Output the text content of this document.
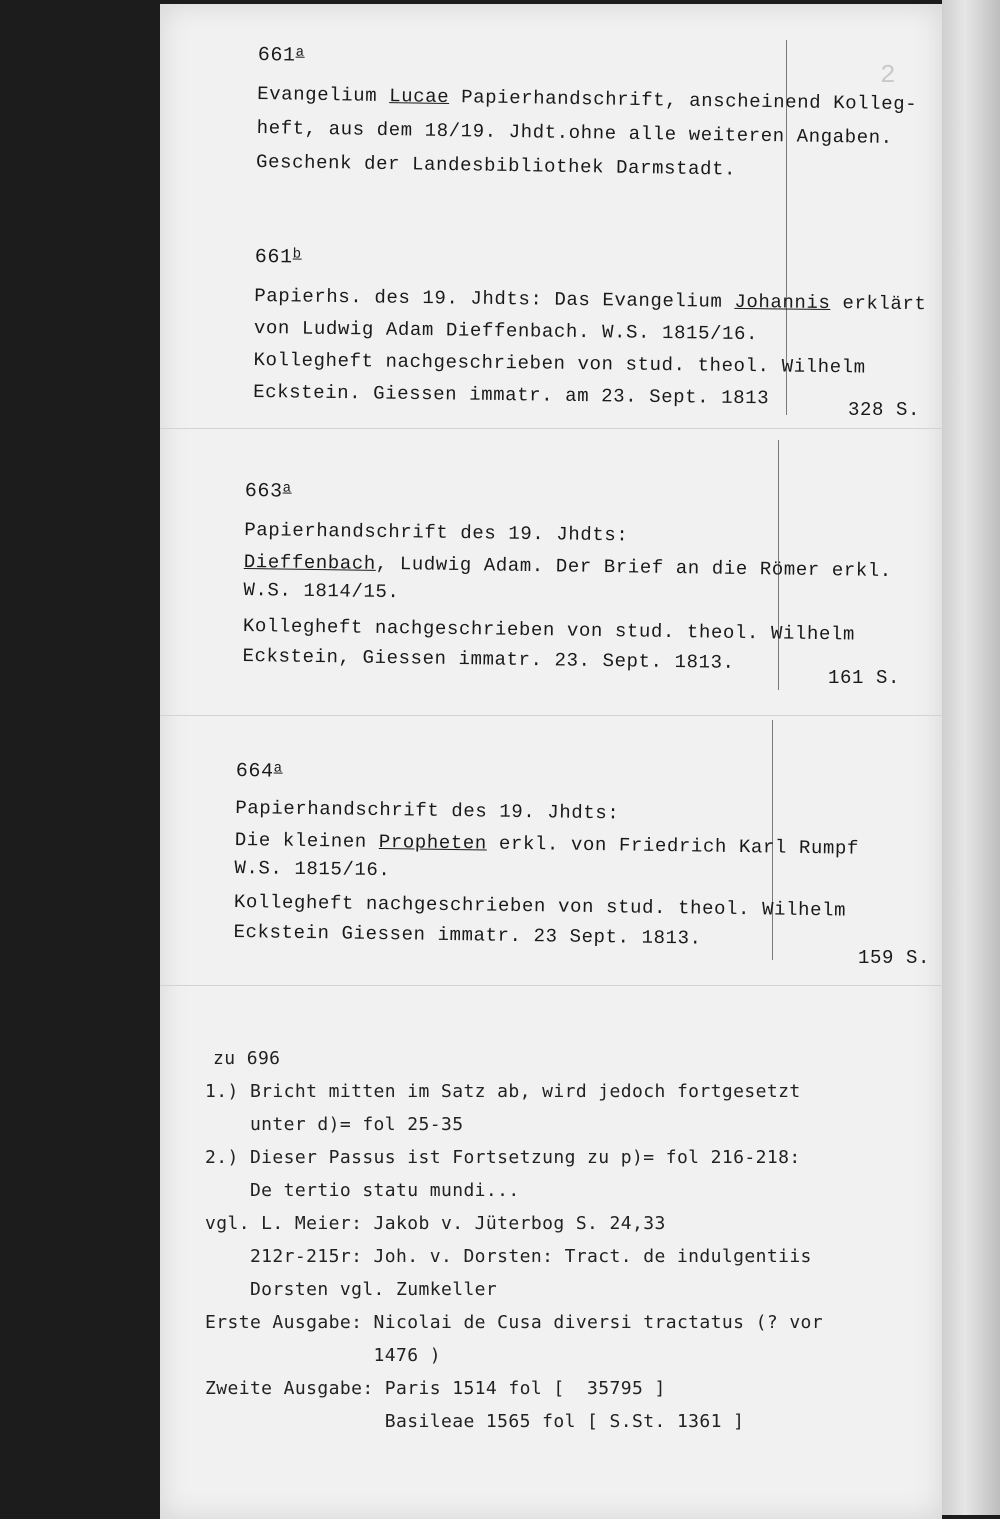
2
661$^a$
Evangelium Lucae Papierhandschrift, anscheinend Kolleg-
heft, aus dem 18/19. Jhdt.ohne alle weiteren Angaben.
Geschenk der Landesbibliothek Darmstadt.
661$^b$
Papierhs. des 19. Jhdts: Das Evangelium Johannis erklärt
von Ludwig Adam Dieffenbach. W.S. 1815/16.
Kollegheft nachgeschrieben von stud. theol. Wilhelm
Eckstein. Giessen immatr. am 23. Sept. 1813
328 S.
663$^a$
Papierhandschrift des 19. Jhdts:
Dieffenbach, Ludwig Adam. Der Brief an die Römer erkl.
W.S. 1814/15.
Kollegheft nachgeschrieben von stud. theol. Wilhelm
Eckstein, Giessen immatr. 23. Sept. 1813.
161 S.
664$^a$
Papierhandschrift des 19. Jhdts:
Die kleinen Propheten erkl. von Friedrich Karl Rumpf
W.S. 1815/16.
Kollegheft nachgeschrieben von stud. theol. Wilhelm
Eckstein Giessen immatr. 23 Sept. 1813.
159 S.
zu 696
1.) Bricht mitten im Satz ab, wird jedoch fortgesetzt
unter d)= fol 25-35
2.) Dieser Passus ist Fortsetzung zu p)= fol 216-218:
De tertio statu mundi...
vgl. L. Meier: Jakob v. Jüterbog S. 24,33
212r-215r: Joh. v. Dorsten: Tract. de indulgentiis
Dorsten vgl. Zumkeller
Erste Ausgabe: Nicolai de Cusa diversi tractatus (? vor
1476 )
Zweite Ausgabe: Paris 1514 fol [  35795 ]
Basileae 1565 fol [ S.St. 1361 ]
